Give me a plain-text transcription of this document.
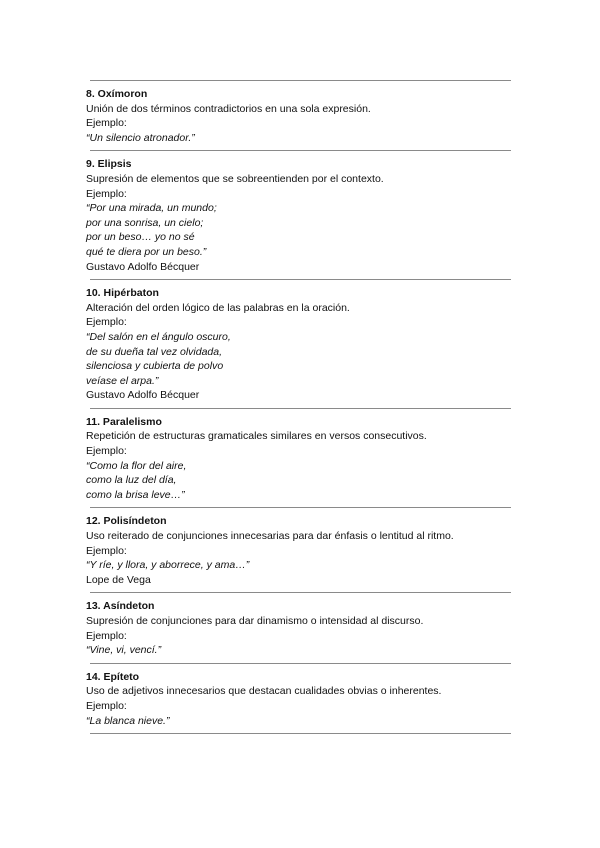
8. Oxímoron
Unión de dos términos contradictorios en una sola expresión.
Ejemplo:
“Un silencio atronador.”
9. Elipsis
Supresión de elementos que se sobreentienden por el contexto.
Ejemplo:
“Por una mirada, un mundo;
por una sonrisa, un cielo;
por un beso… yo no sé
qué te diera por un beso.”
Gustavo Adolfo Bécquer
10. Hipérbaton
Alteración del orden lógico de las palabras en la oración.
Ejemplo:
“Del salón en el ángulo oscuro,
de su dueña tal vez olvidada,
silenciosa y cubierta de polvo
veíase el arpa.”
Gustavo Adolfo Bécquer
11. Paralelismo
Repetición de estructuras gramaticales similares en versos consecutivos.
Ejemplo:
“Como la flor del aire,
como la luz del día,
como la brisa leve…”
12. Polisíndeton
Uso reiterado de conjunciones innecesarias para dar énfasis o lentitud al ritmo.
Ejemplo:
“Y ríe, y llora, y aborrece, y ama…”
Lope de Vega
13. Asíndeton
Supresión de conjunciones para dar dinamismo o intensidad al discurso.
Ejemplo:
“Vine, vi, vencí.”
14. Epíteto
Uso de adjetivos innecesarios que destacan cualidades obvias o inherentes.
Ejemplo:
“La blanca nieve.”
